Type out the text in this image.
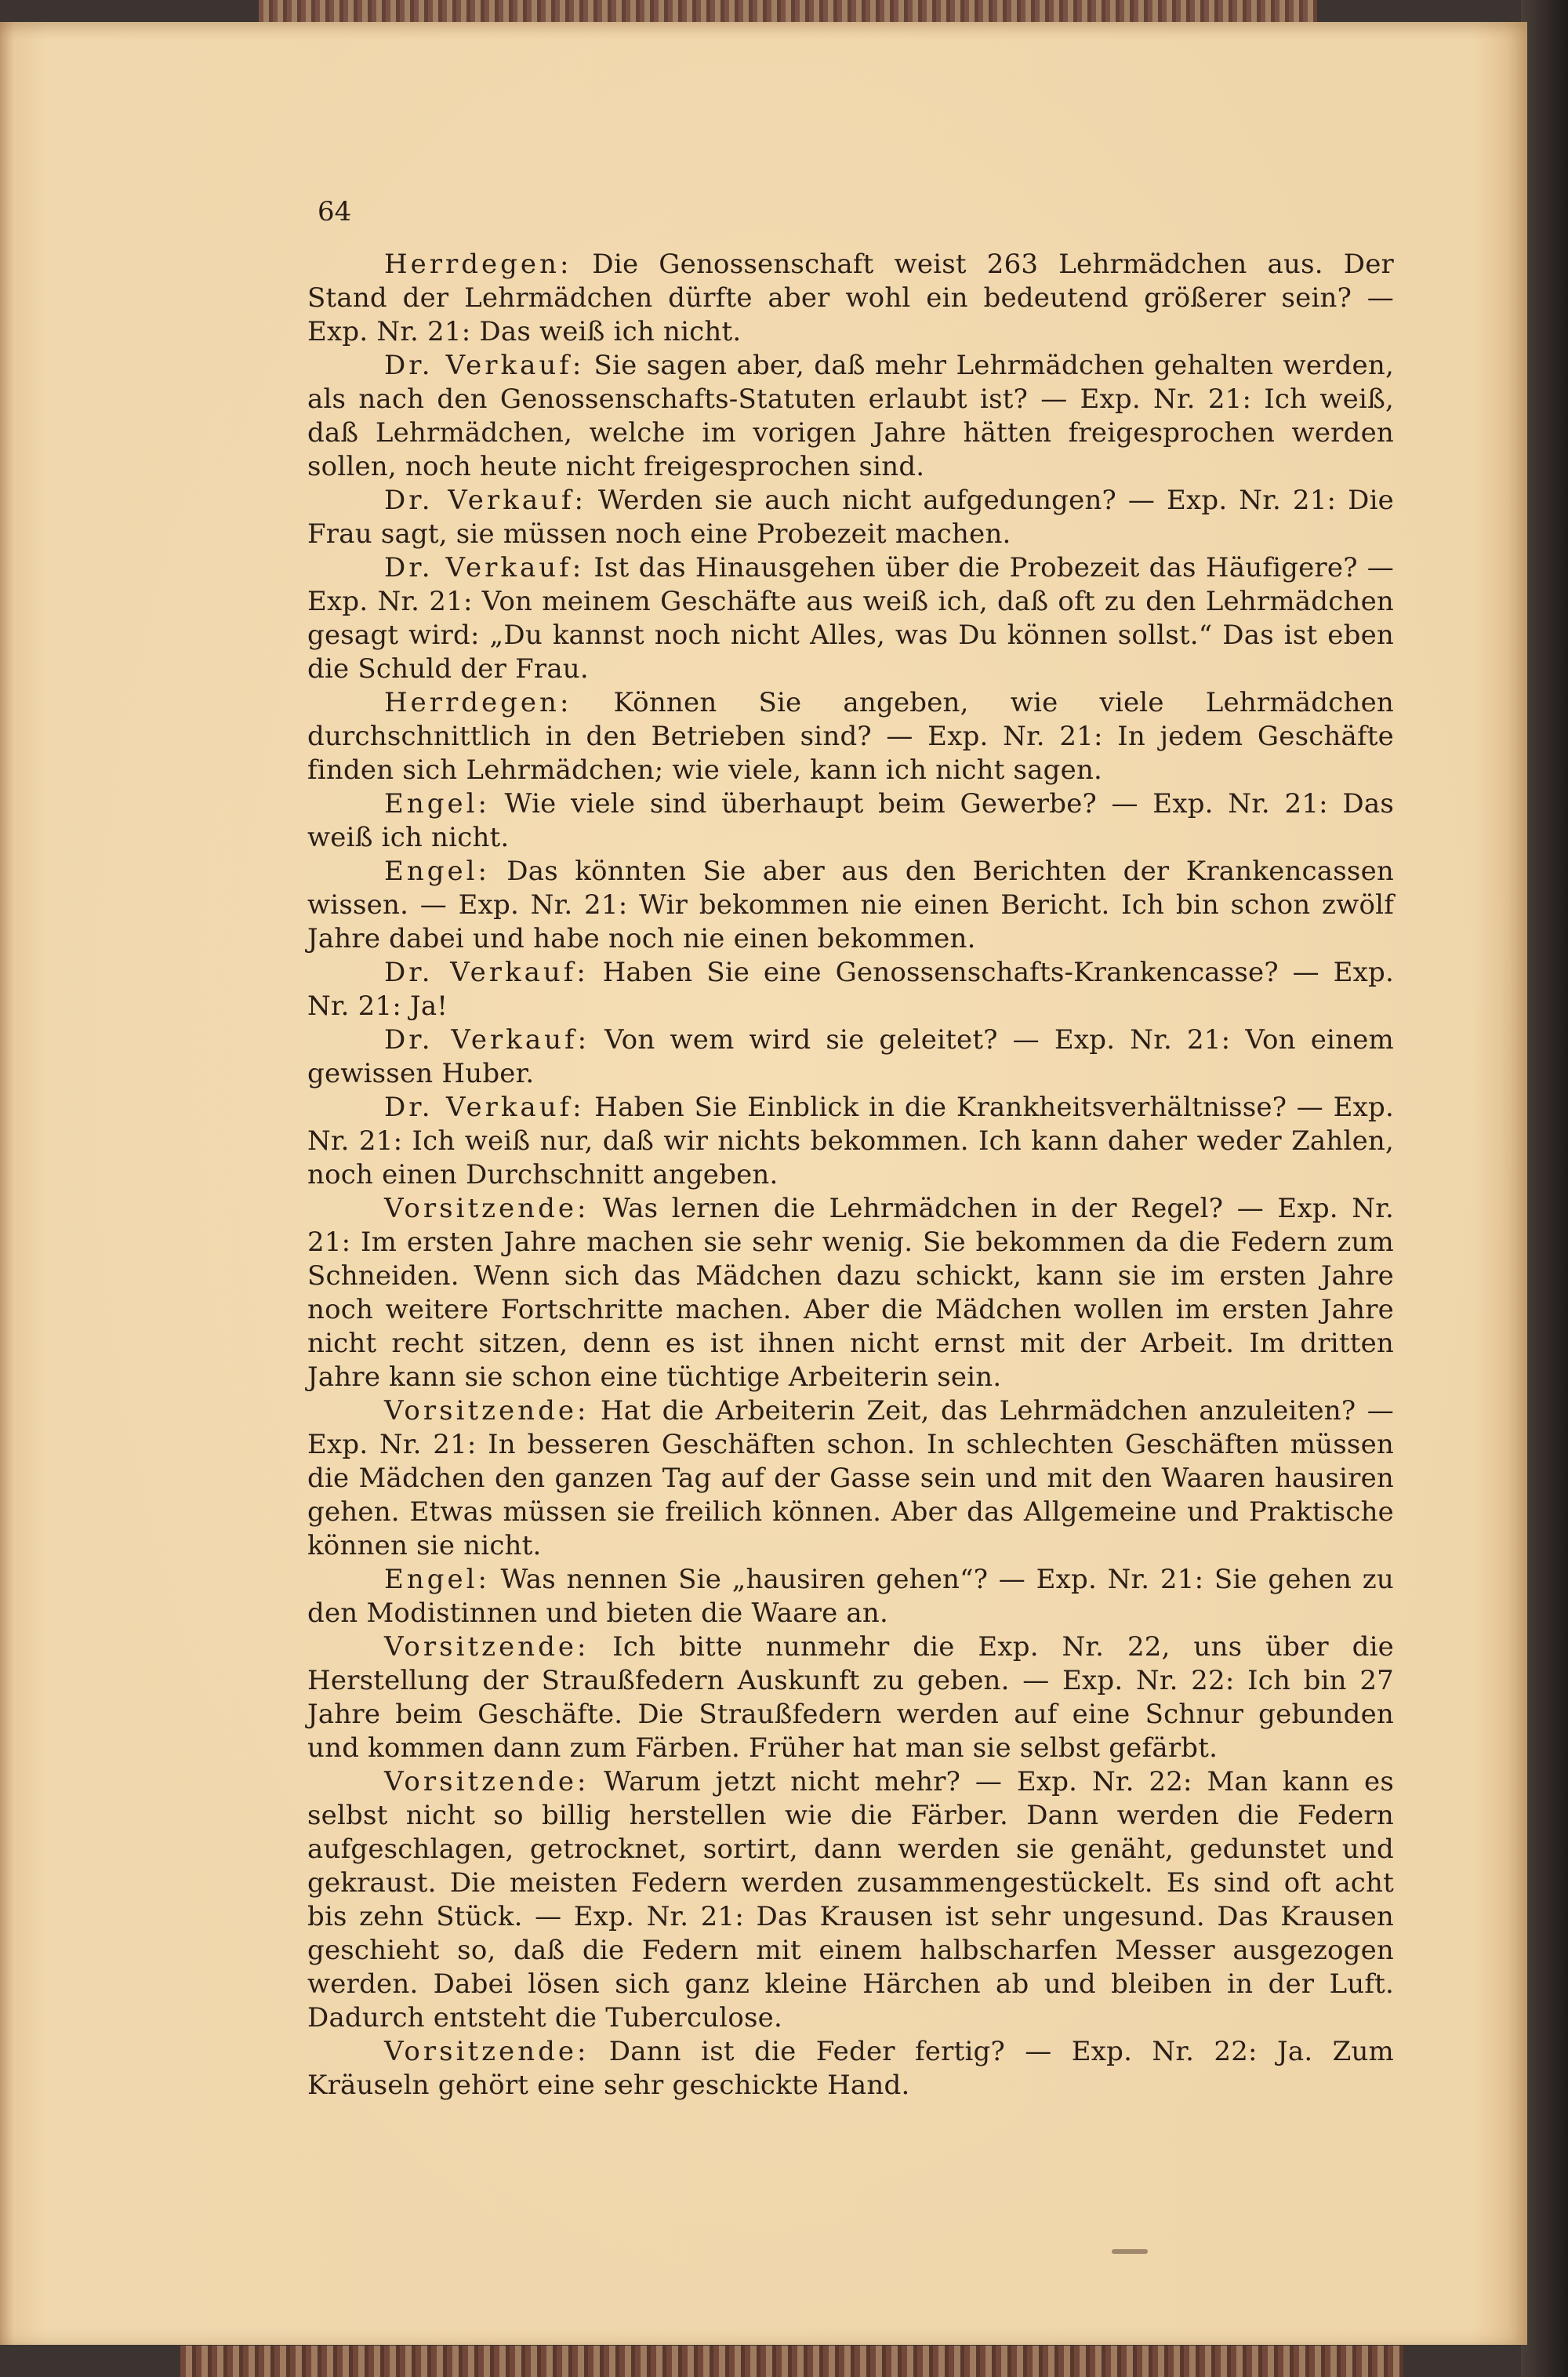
64

Herrdegen: Die Genossenschaft weist 263 Lehrmädchen aus. Der Stand der Lehrmädchen dürfte aber wohl ein bedeutend größerer sein? — Exp. Nr. 21: Das weiß ich nicht.

Dr. Verkauf: Sie sagen aber, daß mehr Lehrmädchen gehalten werden, als nach den Genossenschafts-Statuten erlaubt ist? — Exp. Nr. 21: Ich weiß, daß Lehrmädchen, welche im vorigen Jahre hätten freigesprochen werden sollen, noch heute nicht freigesprochen sind.

Dr. Verkauf: Werden sie auch nicht aufgedungen? — Exp. Nr. 21: Die Frau sagt, sie müssen noch eine Probezeit machen.

Dr. Verkauf: Ist das Hinausgehen über die Probezeit das Häufigere? — Exp. Nr. 21: Von meinem Geschäfte aus weiß ich, daß oft zu den Lehrmädchen gesagt wird: „Du kannst noch nicht Alles, was Du können sollst.“ Das ist eben die Schuld der Frau.

Herrdegen: Können Sie angeben, wie viele Lehrmädchen durchschnittlich in den Betrieben sind? — Exp. Nr. 21: In jedem Geschäfte finden sich Lehrmädchen; wie viele, kann ich nicht sagen.

Engel: Wie viele sind überhaupt beim Gewerbe? — Exp. Nr. 21: Das weiß ich nicht.

Engel: Das könnten Sie aber aus den Berichten der Krankencassen wissen. — Exp. Nr. 21: Wir bekommen nie einen Bericht. Ich bin schon zwölf Jahre dabei und habe noch nie einen bekommen.

Dr. Verkauf: Haben Sie eine Genossenschafts-Krankencasse? — Exp. Nr. 21: Ja!

Dr. Verkauf: Von wem wird sie geleitet? — Exp. Nr. 21: Von einem gewissen Huber.

Dr. Verkauf: Haben Sie Einblick in die Krankheitsverhältnisse? — Exp. Nr. 21: Ich weiß nur, daß wir nichts bekommen. Ich kann daher weder Zahlen, noch einen Durchschnitt angeben.

Vorsitzende: Was lernen die Lehrmädchen in der Regel? — Exp. Nr. 21: Im ersten Jahre machen sie sehr wenig. Sie bekommen da die Federn zum Schneiden. Wenn sich das Mädchen dazu schickt, kann sie im ersten Jahre noch weitere Fortschritte machen. Aber die Mädchen wollen im ersten Jahre nicht recht sitzen, denn es ist ihnen nicht ernst mit der Arbeit. Im dritten Jahre kann sie schon eine tüchtige Arbeiterin sein.

Vorsitzende: Hat die Arbeiterin Zeit, das Lehrmädchen anzuleiten? — Exp. Nr. 21: In besseren Geschäften schon. In schlechten Geschäften müssen die Mädchen den ganzen Tag auf der Gasse sein und mit den Waaren hausiren gehen. Etwas müssen sie freilich können. Aber das Allgemeine und Praktische können sie nicht.

Engel: Was nennen Sie „hausiren gehen“? — Exp. Nr. 21: Sie gehen zu den Modistinnen und bieten die Waare an.

Vorsitzende: Ich bitte nunmehr die Exp. Nr. 22, uns über die Herstellung der Straußfedern Auskunft zu geben. — Exp. Nr. 22: Ich bin 27 Jahre beim Geschäfte. Die Straußfedern werden auf eine Schnur gebunden und kommen dann zum Färben. Früher hat man sie selbst gefärbt.

Vorsitzende: Warum jetzt nicht mehr? — Exp. Nr. 22: Man kann es selbst nicht so billig herstellen wie die Färber. Dann werden die Federn aufgeschlagen, getrocknet, sortirt, dann werden sie genäht, gedunstet und gekraust. Die meisten Federn werden zusammengestückelt. Es sind oft acht bis zehn Stück. — Exp. Nr. 21: Das Krausen ist sehr ungesund. Das Krausen geschieht so, daß die Federn mit einem halbscharfen Messer ausgezogen werden. Dabei lösen sich ganz kleine Härchen ab und bleiben in der Luft. Dadurch entsteht die Tuberculose.

Vorsitzende: Dann ist die Feder fertig? — Exp. Nr. 22: Ja. Zum Kräuseln gehört eine sehr geschickte Hand.
